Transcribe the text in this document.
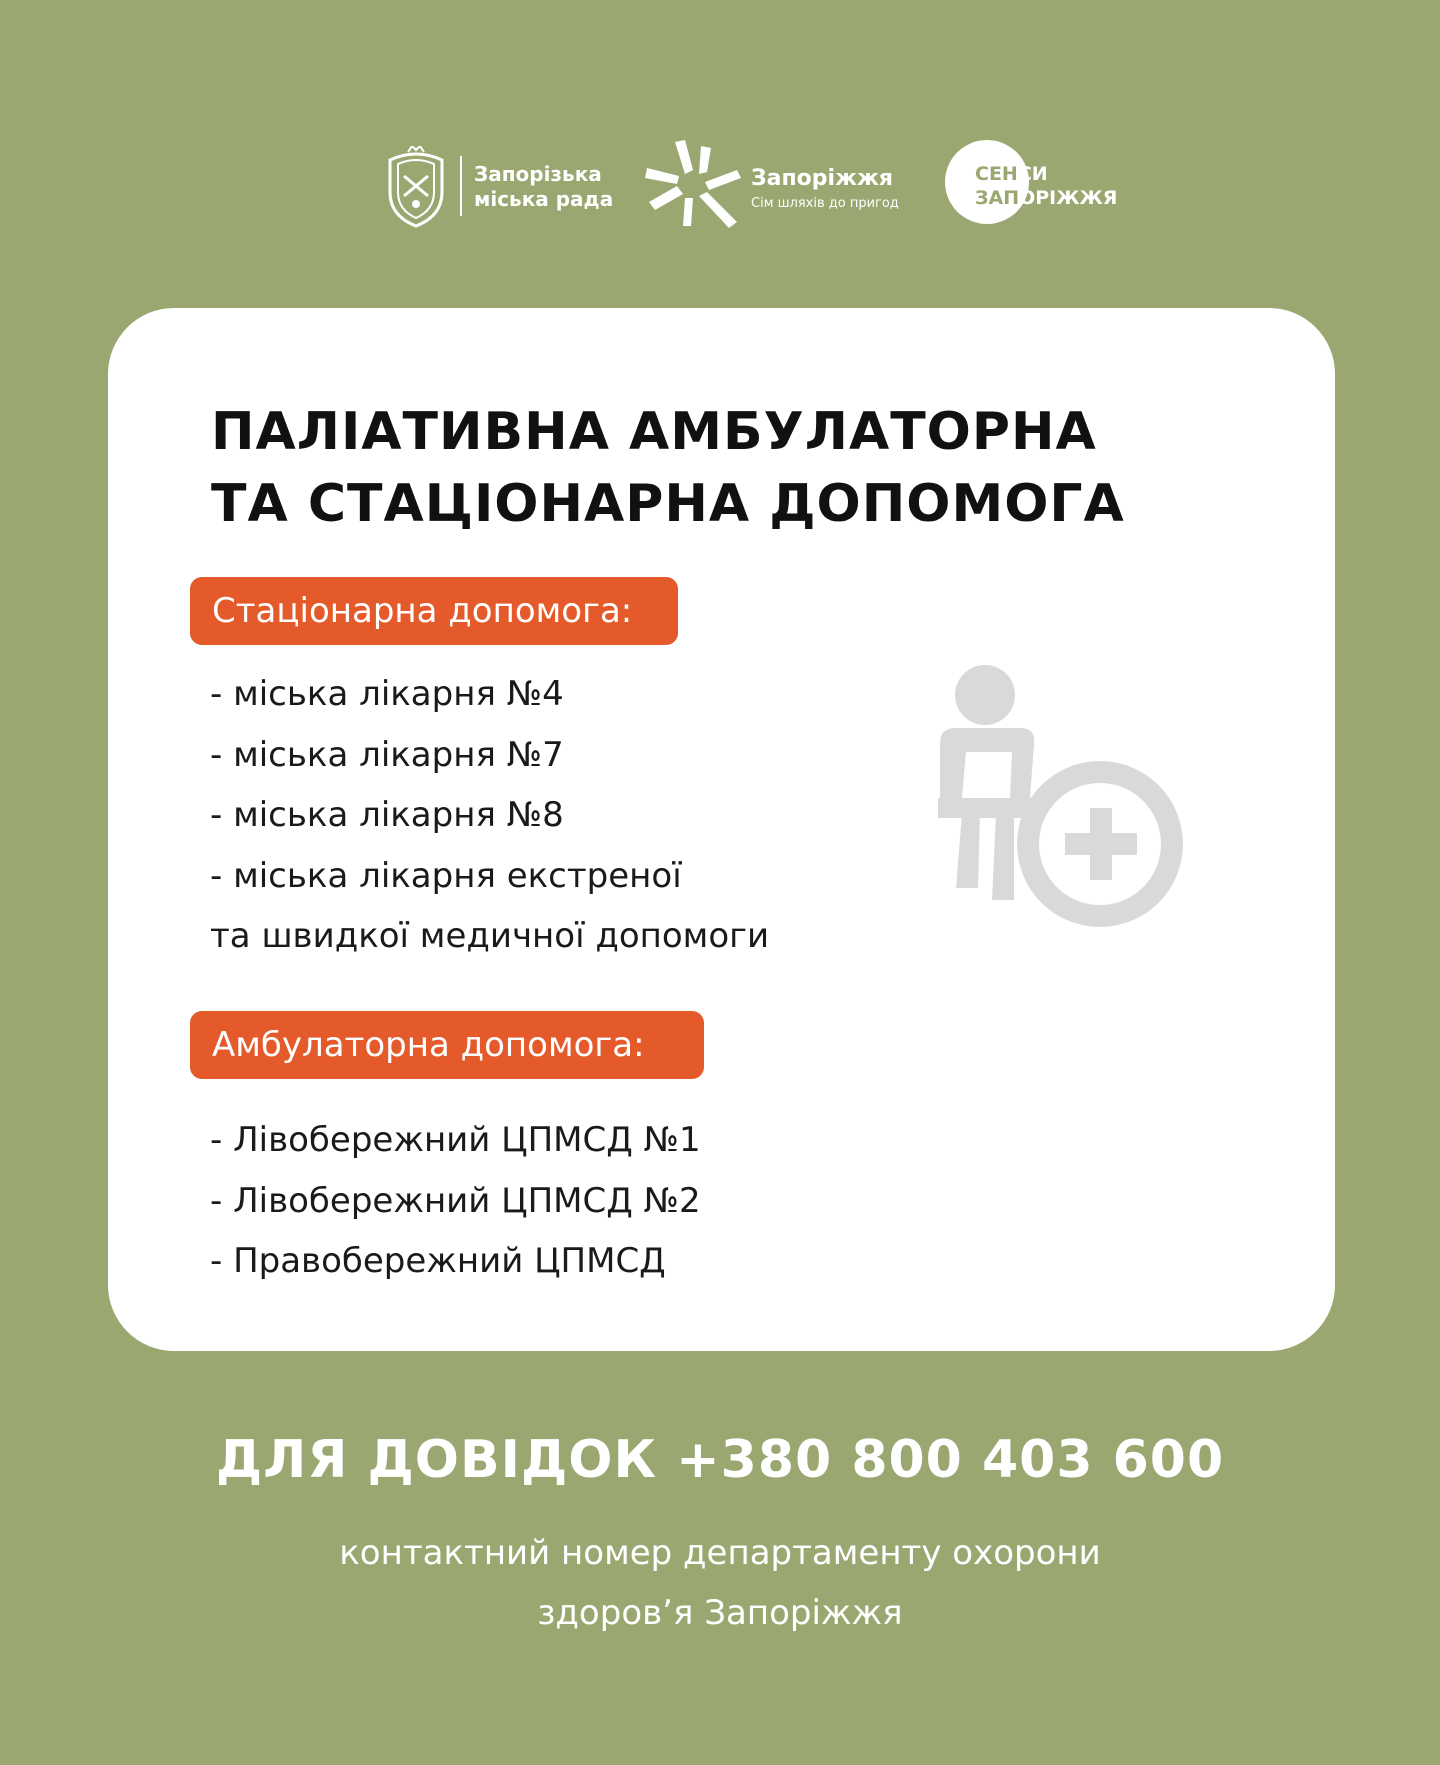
Запорізька
міська рада
Запоріжжя
Сім шляхів до пригод
СЕНСИ
ЗАПОРІЖЖЯ
ПАЛІАТИВНА АМБУЛАТОРНА
ТА СТАЦІОНАРНА ДОПОМОГА
Стаціонарна допомога:
- міська лікарня №4
- міська лікарня №7
- міська лікарня №8
- міська лікарня екстреної
та швидкої медичної допомоги
Амбулаторна допомога:
- Лівобережний ЦПМСД №1
- Лівобережний ЦПМСД №2
- Правобережний ЦПМСД
ДЛЯ ДОВІДОК +380 800 403 600
контактний номер департаменту охорони
здоров’я Запоріжжя
